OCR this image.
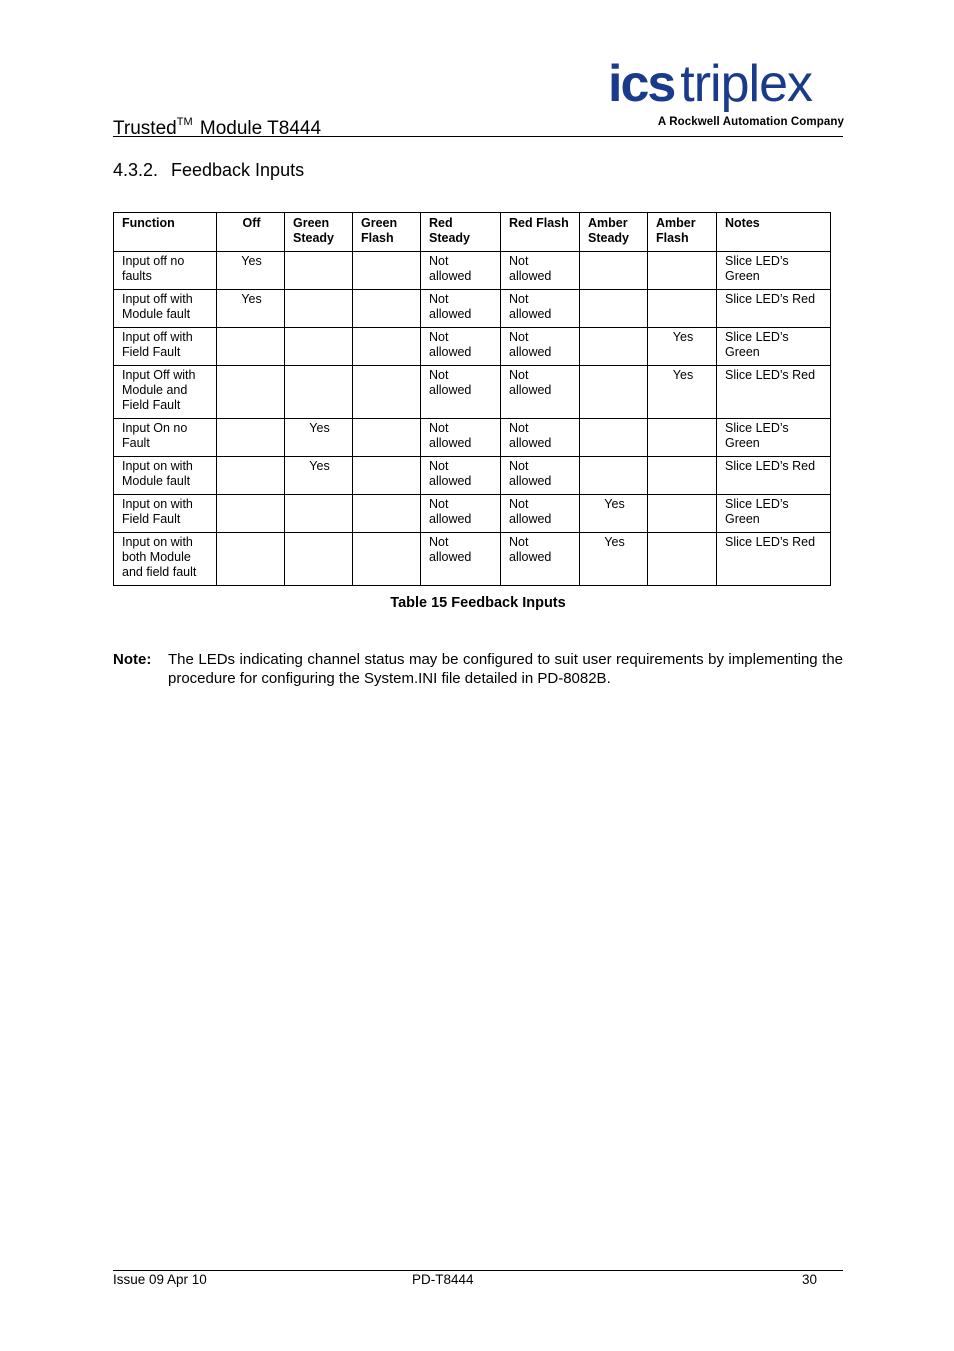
Trusted™ Module T8444
ics triplex
A Rockwell Automation Company
4.3.2. Feedback Inputs
Function	Off	Green Steady	Green Flash	Red Steady	Red Flash	Amber Steady	Amber Flash	Notes
Input off no faults	Yes			Not allowed	Not allowed			Slice LED’s Green
Input off with Module fault	Yes			Not allowed	Not allowed			Slice LED’s Red
Input off with Field Fault				Not allowed	Not allowed		Yes	Slice LED’s Green
Input Off with Module and Field Fault				Not allowed	Not allowed		Yes	Slice LED’s Red
Input On no Fault		Yes		Not allowed	Not allowed			Slice LED’s Green
Input on with Module fault		Yes		Not allowed	Not allowed			Slice LED’s Red
Input on with Field Fault				Not allowed	Not allowed	Yes		Slice LED’s Green
Input on with both Module and field fault				Not allowed	Not allowed	Yes		Slice LED’s Red
Table 15 Feedback Inputs
Note:	The LEDs indicating channel status may be configured to suit user requirements by implementing the procedure for configuring the System.INI file detailed in PD-8082B.
Issue 09 Apr 10	PD-T8444	30
